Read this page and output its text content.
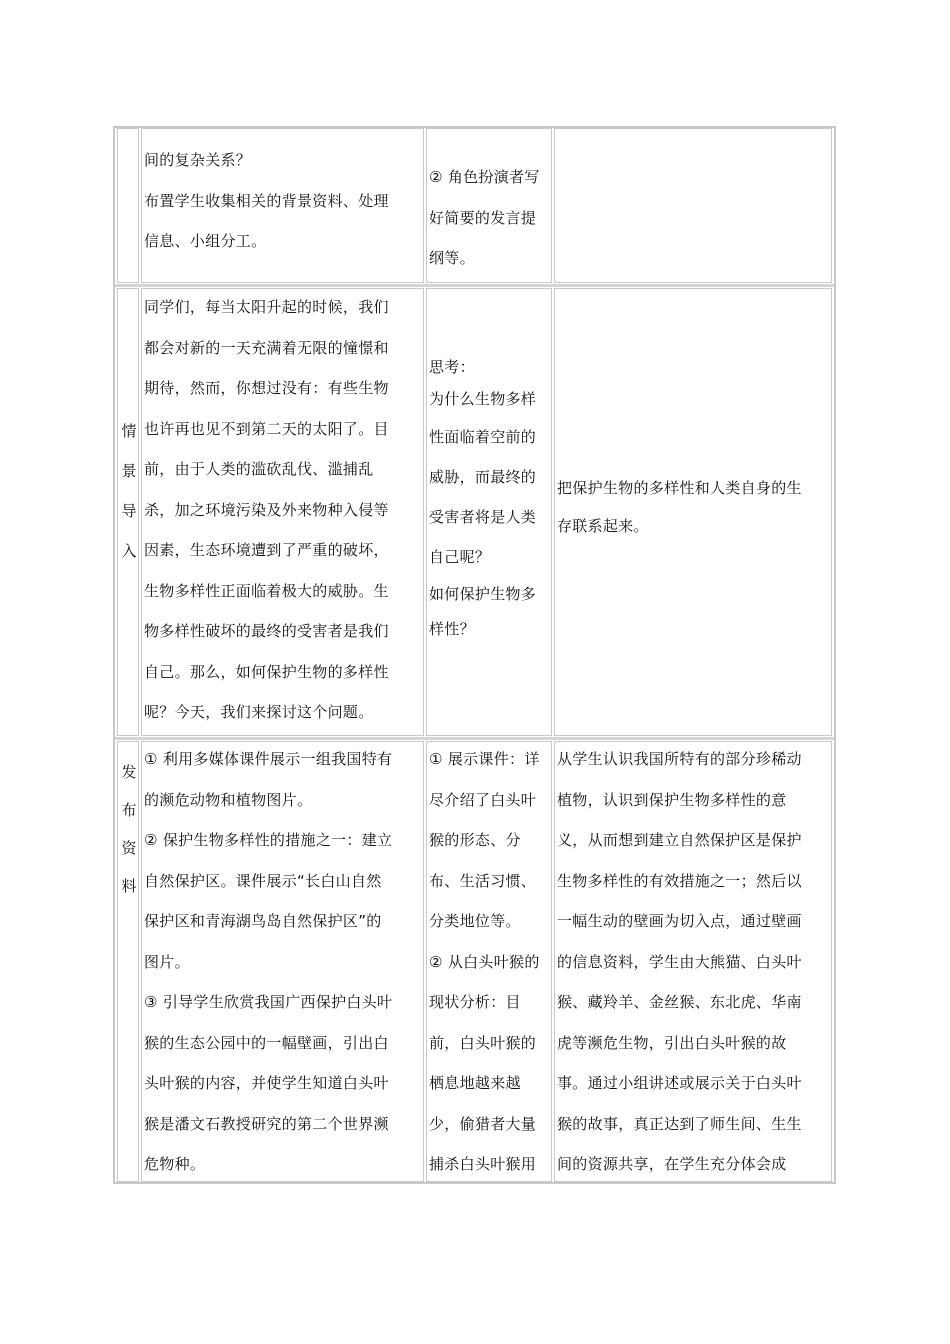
间的复杂关系？
布置学生收集相关的背景资料、处理
信息、小组分工。
② 角色扮演者写
好简要的发言提
纲等。
情
景
导
入
同学们，每当太阳升起的时候，我们
都会对新的一天充满着无限的憧憬和
期待，然而，你想过没有：有些生物
也许再也见不到第二天的太阳了。目
前，由于人类的滥砍乱伐、滥捕乱
杀，加之环境污染及外来物种入侵等
因素，生态环境遭到了严重的破坏，
生物多样性正面临着极大的威胁。生
物多样性破坏的最终的受害者是我们
自己。那么，如何保护生物的多样性
呢？今天，我们来探讨这个问题。
思考：
为什么生物多样
性面临着空前的
威胁，而最终的
受害者将是人类
自己呢？
如何保护生物多
样性？
把保护生物的多样性和人类自身的生
存联系起来。
发
布
资
料
① 利用多媒体课件展示一组我国特有
的濒危动物和植物图片。
② 保护生物多样性的措施之一：建立
自然保护区。课件展示“长白山自然
保护区和青海湖鸟岛自然保护区”的
图片。
③ 引导学生欣赏我国广西保护白头叶
猴的生态公园中的一幅壁画，引出白
头叶猴的内容，并使学生知道白头叶
猴是潘文石教授研究的第二个世界濒
危物种。
① 展示课件：详
尽介绍了白头叶
猴的形态、分
布、生活习惯、
分类地位等。
② 从白头叶猴的
现状分析：目
前，白头叶猴的
栖息地越来越
少，偷猎者大量
捕杀白头叶猴用
从学生认识我国所特有的部分珍稀动
植物，认识到保护生物多样性的意
义，从而想到建立自然保护区是保护
生物多样性的有效措施之一；然后以
一幅生动的壁画为切入点，通过壁画
的信息资料，学生由大熊猫、白头叶
猴、藏羚羊、金丝猴、东北虎、华南
虎等濒危生物，引出白头叶猴的故
事。通过小组讲述或展示关于白头叶
猴的故事，真正达到了师生间、生生
间的资源共享，在学生充分体会成
